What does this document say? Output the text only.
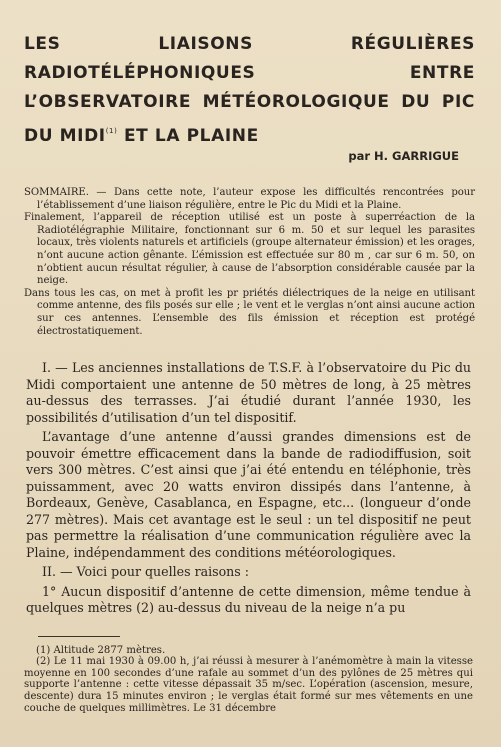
LES LIAISONS RÉGULIÈRES RADIOTÉLÉPHONIQUES ENTRE L’OBSERVATOIRE MÉTÉOROLOGIQUE DU PIC DU MIDI$^{(1)}$ ET LA PLAINE
par H. GARRIGUE

SOMMAIRE. — Dans cette note, l’auteur expose les difficultés rencontrées pour l’établissement d’une liaison régulière, entre le Pic du Midi et la Plaine.

Finalement, l’appareil de réception utilisé est un poste à superréaction de la Radiotélégraphie Militaire, fonctionnant sur 6 m. 50 et sur lequel les parasites locaux, très violents naturels et artificiels (groupe alternateur émission) et les orages, n’ont aucune action gênante. L’émission est effectuée sur 80 m , car sur 6 m. 50, on n’obtient aucun résultat régulier, à cause de l’absorption considérable causée par la neige.

Dans tous les cas, on met à profit les pr priétés diélectriques de la neige en utilisant comme antenne, des fils posés sur elle ; le vent et le verglas n’ont ainsi aucune action sur ces antennes. L’ensemble des fils émission et réception est protégé électrostatiquement.

I. — Les anciennes installations de T.S.F. à l’observatoire du Pic du Midi comportaient une antenne de 50 mètres de long, à 25 mètres au-dessus des terrasses. J’ai étudié durant l’année 1930, les possibilités d’utilisation d’un tel dispositif.

L’avantage d’une antenne d’aussi grandes dimensions est de pouvoir émettre efficacement dans la bande de radiodiffusion, soit vers 300 mètres. C’est ainsi que j’ai été entendu en téléphonie, très puissamment, avec 20 watts environ dissipés dans l’antenne, à Bordeaux, Genève, Casablanca, en Espagne, etc... (longueur d’onde 277 mètres). Mais cet avantage est le seul : un tel dispositif ne peut pas permettre la réalisation d’une communication régulière avec la Plaine, indépendamment des conditions météorologiques.

II. — Voici pour quelles raisons :

1° Aucun dispositif d’antenne de cette dimension, même tendue à quelques mètres (2) au-dessus du niveau de la neige n’a pu

(1) Altitude 2877 mètres.

(2) Le 11 mai 1930 à 09.00 h, j’ai réussi à mesurer à l’anémomètre à main la vitesse moyenne en 100 secondes d’une rafale au sommet d’un des pylônes de 25 mètres qui supporte l’antenne : cette vitesse dépassait 35 m/sec. L’opération (ascension, mesure, descente) dura 15 minutes environ ; le verglas était formé sur mes vêtements en une couche de quelques millimètres. Le 31 décembre
